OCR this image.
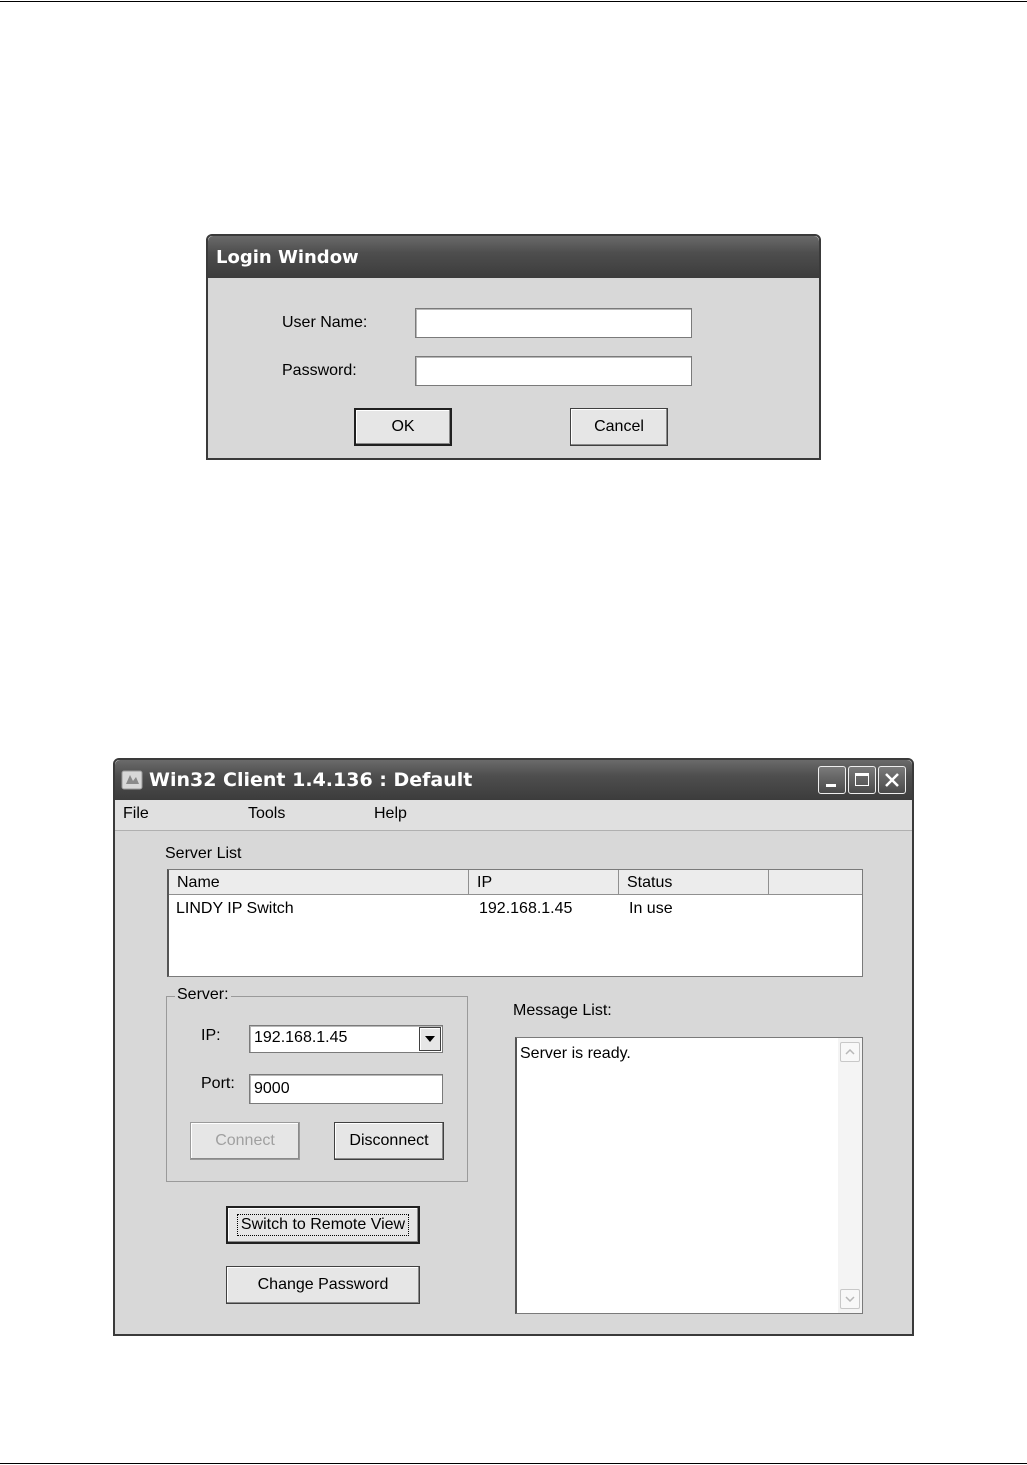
Login Window
User Name:
Password:
OK	Cancel
Win32 Client 1.4.136 : Default
File	Tools	Help
Server List
Name	IP	Status
LINDY IP Switch	192.168.1.45	In use
Server:
IP:	192.168.1.45
Port:
9000
Connect	Disconnect
Switch to Remote View
Change Password
Message List:
Server is ready.
